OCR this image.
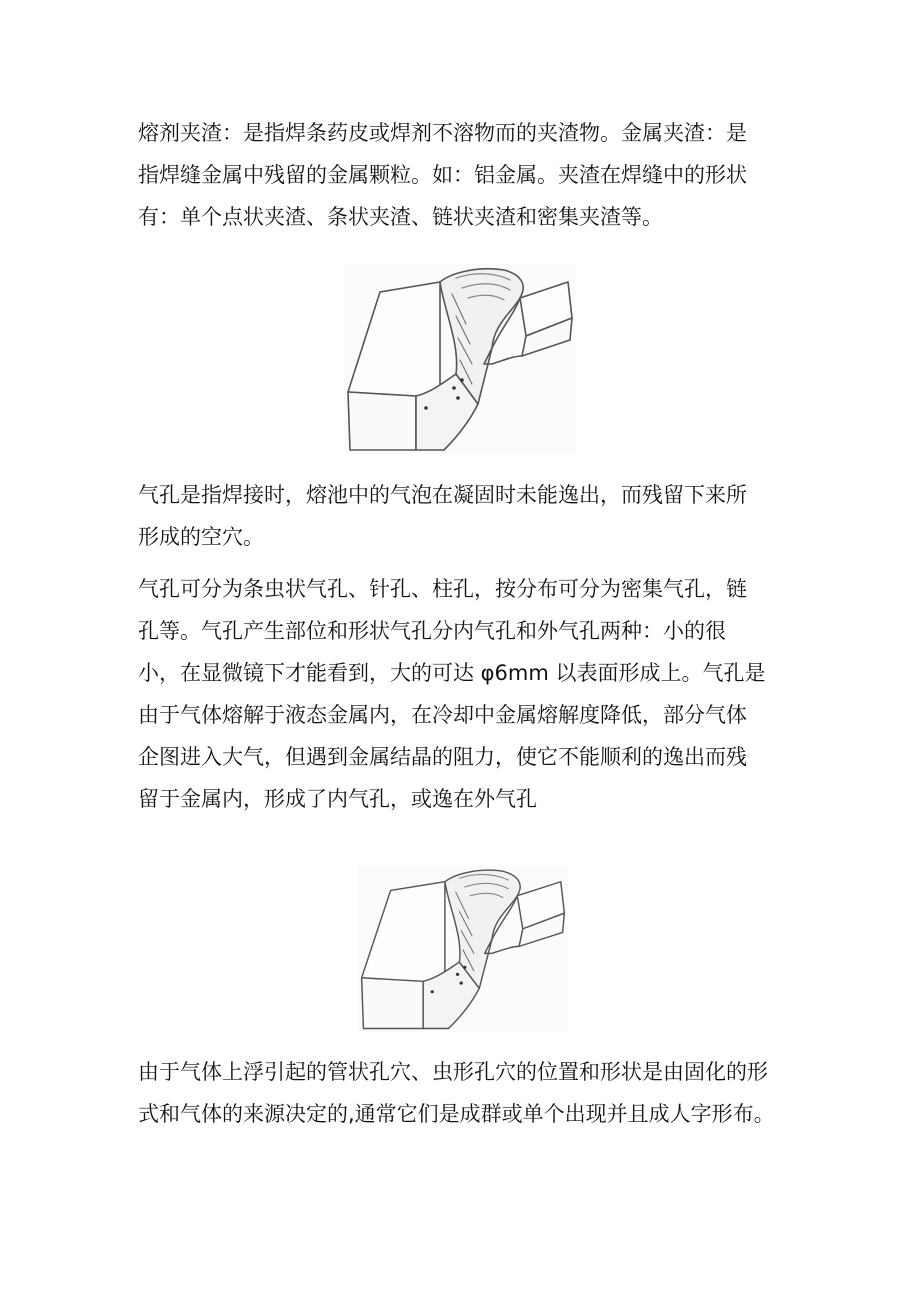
熔剂夹渣：是指焊条药皮或焊剂不溶物而的夹渣物。金属夹渣：是
指焊缝金属中残留的金属颗粒。如：铝金属。夹渣在焊缝中的形状
有：单个点状夹渣、条状夹渣、链状夹渣和密集夹渣等。

气孔是指焊接时，熔池中的气泡在凝固时未能逸出，而残留下来所
形成的空穴。

气孔可分为条虫状气孔、针孔、柱孔，按分布可分为密集气孔，链
孔等。气孔产生部位和形状气孔分内气孔和外气孔两种：小的很
小，在显微镜下才能看到，大的可达 φ6mm 以表面形成上。气孔是
由于气体熔解于液态金属内，在冷却中金属熔解度降低，部分气体
企图进入大气，但遇到金属结晶的阻力，使它不能顺利的逸出而残
留于金属内，形成了内气孔，或逸在外气孔

由于气体上浮引起的管状孔穴、虫形孔穴的位置和形状是由固化的形
式和气体的来源决定的,通常它们是成群或单个出现并且成人字形布。
